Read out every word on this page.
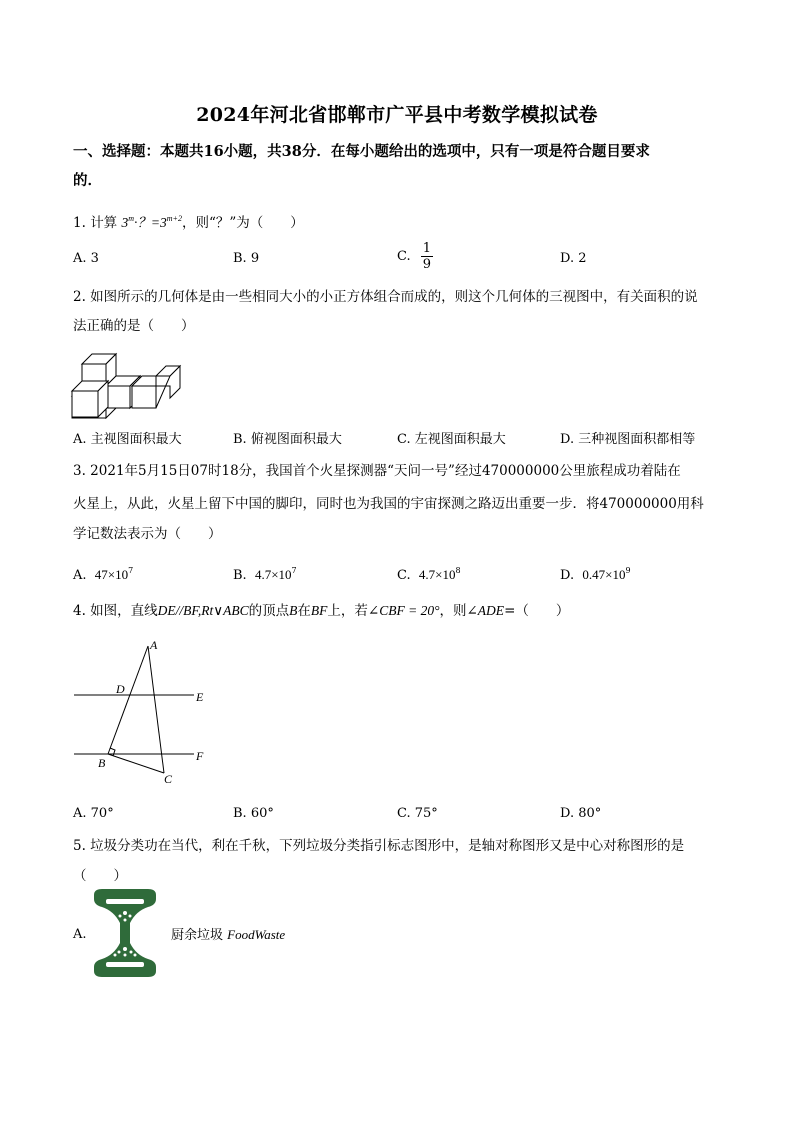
2024年河北省邯郸市广平县中考数学模拟试卷
一、选择题：本题共16小题，共38分．在每小题给出的选项中，只有一项是符合题目要求
的．
1. 计算 $3^m\cdot$？$=3^{m+2}$，则“？”为（　　）
A. 3	B. 9	C. $\frac{1}{9}$	D. 2
2. 如图所示的几何体是由一些相同大小的小正方体组合而成的，则这个几何体的三视图中，有关面积的说
法正确的是（　　）
A. 主视图面积最大	B. 俯视图面积最大	C. 左视图面积最大	D. 三种视图面积都相等
3. 2021年5月15日07时18分，我国首个火星探测器“天问一号”经过470000000公里旅程成功着陆在
火星上，从此，火星上留下中国的脚印，同时也为我国的宇宙探测之路迈出重要一步．将470000000用科
学记数法表示为（　　）
A. $47\times 10^7$	B. $4.7\times 10^7$	C. $4.7\times 10^8$	D. $0.47\times 10^9$
4. 如图，直线DE//BF,Rt∨ABC的顶点B在BF上，若∠CBF = 20°，则∠ADE=（　　）
A
D
E
B	F
C
A. 70°	B. 60°	C. 75°	D. 80°
5. 垃圾分类功在当代，利在千秋，下列垃圾分类指引标志图形中，是轴对称图形又是中心对称图形的是
（　　）
A.	厨余垃圾 FoodWaste
